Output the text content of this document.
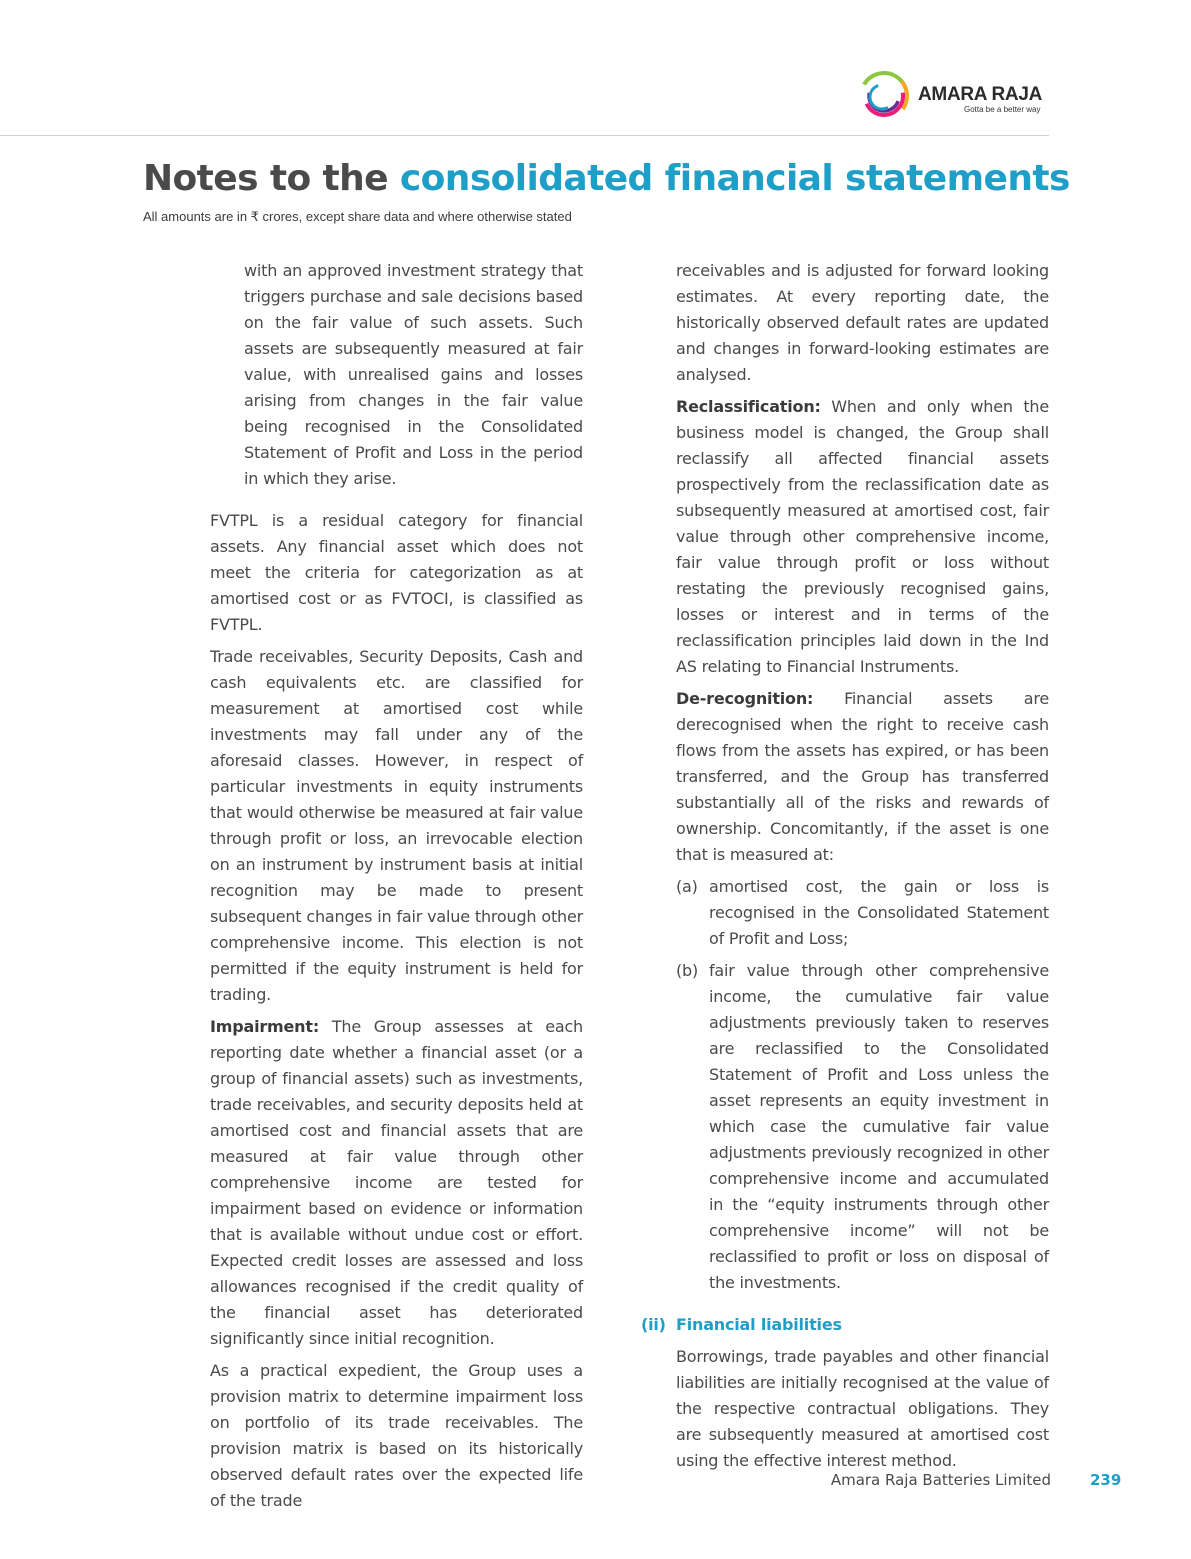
AMARA RAJA
Gotta be a better way
Notes to the consolidated financial statements
All amounts are in ₹ crores, except share data and where otherwise stated

with an approved investment strategy that triggers purchase and sale decisions based on the fair value of such assets. Such assets are subsequently measured at fair value, with unrealised gains and losses arising from changes in the fair value being recognised in the Consolidated Statement of Profit and Loss in the period in which they arise.

FVTPL is a residual category for financial assets. Any financial asset which does not meet the criteria for categorization as at amortised cost or as FVTOCI, is classified as FVTPL.

Trade receivables, Security Deposits, Cash and cash equivalents etc. are classified for measurement at amortised cost while investments may fall under any of the aforesaid classes. However, in respect of particular investments in equity instruments that would otherwise be measured at fair value through profit or loss, an irrevocable election on an instrument by instrument basis at initial recognition may be made to present subsequent changes in fair value through other comprehensive income. This election is not permitted if the equity instrument is held for trading.

Impairment: The Group assesses at each reporting date whether a financial asset (or a group of financial assets) such as investments, trade receivables, and security deposits held at amortised cost and financial assets that are measured at fair value through other comprehensive income are tested for impairment based on evidence or information that is available without undue cost or effort. Expected credit losses are assessed and loss allowances recognised if the credit quality of the financial asset has deteriorated significantly since initial recognition.

As a practical expedient, the Group uses a provision matrix to determine impairment loss on portfolio of its trade receivables. The provision matrix is based on its historically observed default rates over the expected life of the trade

receivables and is adjusted for forward looking estimates. At every reporting date, the historically observed default rates are updated and changes in forward-looking estimates are analysed.

Reclassification: When and only when the business model is changed, the Group shall reclassify all affected financial assets prospectively from the reclassification date as subsequently measured at amortised cost, fair value through other comprehensive income, fair value through profit or loss without restating the previously recognised gains, losses or interest and in terms of the reclassification principles laid down in the Ind AS relating to Financial Instruments.

De-recognition: Financial assets are derecognised when the right to receive cash flows from the assets has expired, or has been transferred, and the Group has transferred substantially all of the risks and rewards of ownership. Concomitantly, if the asset is one that is measured at:

(a) amortised cost, the gain or loss is recognised in the Consolidated Statement of Profit and Loss;
(b) fair value through other comprehensive income, the cumulative fair value adjustments previously taken to reserves are reclassified to the Consolidated Statement of Profit and Loss unless the asset represents an equity investment in which case the cumulative fair value adjustments previously recognized in other comprehensive income and accumulated in the “equity instruments through other comprehensive income” will not be reclassified to profit or loss on disposal of the investments.
(ii) Financial liabilities

Borrowings, trade payables and other financial liabilities are initially recognised at the value of the respective contractual obligations. They are subsequently measured at amortised cost using the effective interest method.

Amara Raja Batteries Limited	239
